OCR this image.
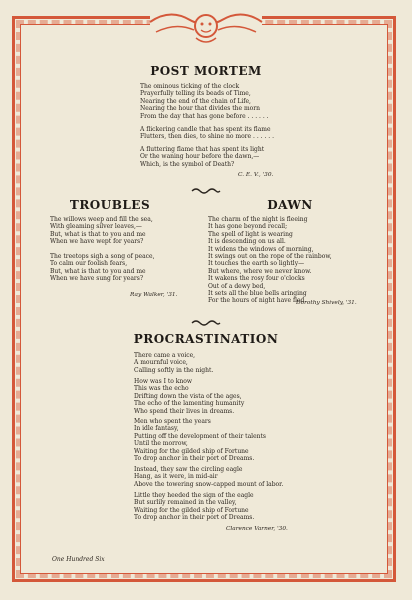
POST MORTEM
The ominous ticking of the clock
Prayerfully telling its beads of Time,
Nearing the end of the chain of Life,
Nearing the hour that divides the morn
From the day that has gone before . . . . . .
A flickering candle that has spent its flame
Flutters, then dies, to shine no more . . . . . .
A fluttering flame that has spent its light
Or the waning hour before the dawn,—
Which, is the symbol of Death?
C. E. V., '30.
TROUBLES
The willows weep and fill the sea,
With gleaming silver leaves,—
But, what is that to you and me
When we have wept for years?
The treetops sigh a song of peace,
To calm our foolish fears,
But, what is that to you and me
When we have sung for years?
Ray Walker, '31.
DAWN
The charm of the night is fleeing
It has gone beyond recall;
The spell of light is wearing
It is descending on us all.
It widens the windows of morning,
It swings out on the rope of the rainbow,
It touches the earth so lightly—
But where, where we never know.
It wakens the rosy four o'clocks
Out of a dewy bed,
It sets all the blue bells aringing
For the hours of night have fled.
Dorothy Shively, '31.
PROCRASTINATION
There came a voice,
A mournful voice,
Calling softly in the night.
How was I to know
This was the echo
Drifting down the vista of the ages,
The echo of the lamenting humanity
Who spend their lives in dreams.
Men who spent the years
In idle fantasy,
Putting off the development of their talents
Until the morrow,
Waiting for the gilded ship of Fortune
To drop anchor in their port of Dreams.
Instead, they saw the circling eagle
Hang, as it were, in mid-air
Above the towering snow-capped mount of labor.
Little they heeded the sign of the eagle
But surlily remained in the valley,
Waiting for the gilded ship of Fortune
To drop anchor in their port of Dreams.
Clarence Varner, '30.
One Hundred Six
